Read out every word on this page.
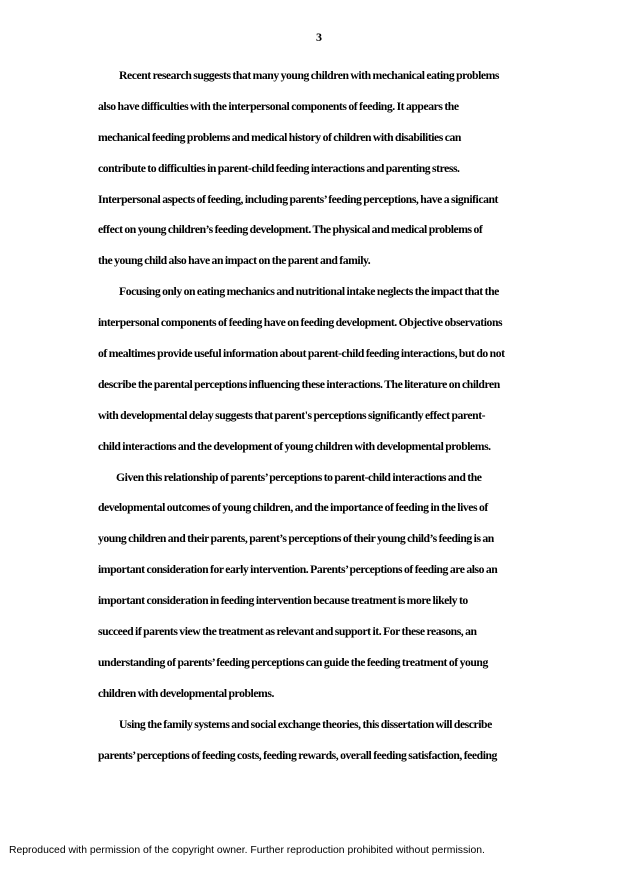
3
Recent research suggests that many young children with mechanical eating problems
also have difficulties with the interpersonal components of feeding. It appears the
mechanical feeding problems and medical history of children with disabilities can
contribute to difficulties in parent-child feeding interactions and parenting stress.
Interpersonal aspects of feeding, including parents’ feeding perceptions, have a significant
effect on young children’s feeding development. The physical and medical problems of
the young child also have an impact on the parent and family.
Focusing only on eating mechanics and nutritional intake neglects the impact that the
interpersonal components of feeding have on feeding development. Objective observations
of mealtimes provide useful information about parent-child feeding interactions, but do not
describe the parental perceptions influencing these interactions. The literature on children
with developmental delay suggests that parent's perceptions significantly effect parent-
child interactions and the development of young children with developmental problems.
Given this relationship of parents’ perceptions to parent-child interactions and the
developmental outcomes of young children, and the importance of feeding in the lives of
young children and their parents, parent’s perceptions of their young child’s feeding is an
important consideration for early intervention. Parents’ perceptions of feeding are also an
important consideration in feeding intervention because treatment is more likely to
succeed if parents view the treatment as relevant and support it. For these reasons, an
understanding of parents’ feeding perceptions can guide the feeding treatment of young
children with developmental problems.
Using the family systems and social exchange theories, this dissertation will describe
parents’ perceptions of feeding costs, feeding rewards, overall feeding satisfaction, feeding
Reproduced with permission of the copyright owner. Further reproduction prohibited without permission.
